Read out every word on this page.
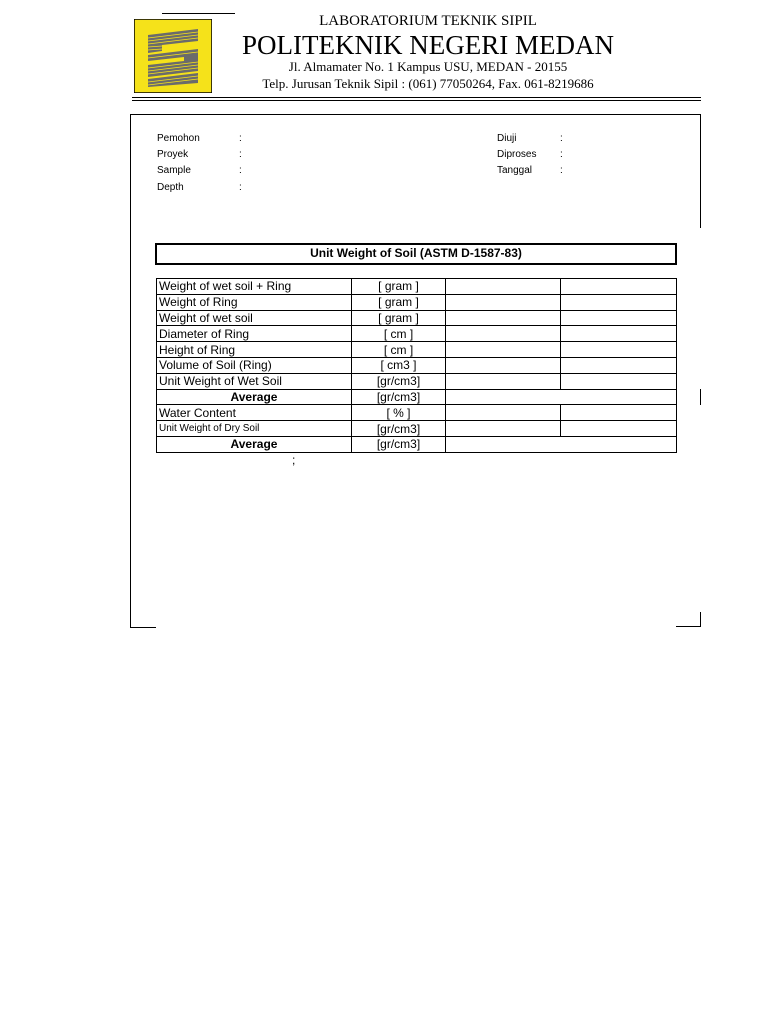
LABORATORIUM TEKNIK SIPIL
POLITEKNIK NEGERI MEDAN
Jl. Almamater No. 1 Kampus USU, MEDAN - 20155
Telp. Jurusan Teknik Sipil : (061) 77050264, Fax. 061-8219686
Pemohon	:
Proyek	:
Sample	:
Depth	:
Diuji	:
Diproses :
Tanggal	:
Unit Weight of Soil (ASTM D-1587-83)
Weight of wet soil + Ring	[ gram ]		
Weight of Ring	[ gram ]		
Weight of wet soil	[ gram ]		
Diameter of Ring	[ cm ]		
Height of Ring	[ cm ]		
Volume of Soil (Ring)	[ cm3 ]		
Unit Weight of Wet Soil	[gr/cm3]		
Average	[gr/cm3]		
Water Content	[ % ]		
Unit Weight of Dry Soil	[gr/cm3]		
Average	[gr/cm3]		
;
